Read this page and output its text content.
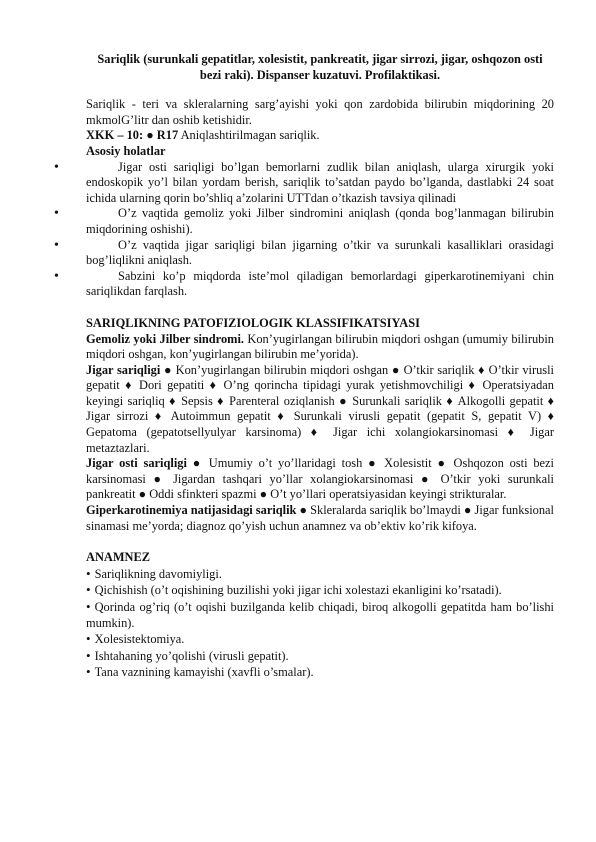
Sariqlik (surunkali gepatitlar, xolesistit, pankreatit, jigar sirrozi, jigar, oshqozon osti bezi raki). Dispanser kuzatuvi. Profilaktikasi.

Sariqlik - teri va skleralarning sarg’ayishi yoki qon zardobida bilirubin miqdorining 20 mkmolG’litr dan oshib ketishidir.

XKK – 10: ● R17 Aniqlashtirilmagan sariqlik.

Asosiy holatlar

• Jigar osti sariqligi bo’lgan bemorlarni zudlik bilan aniqlash, ularga xirurgik yoki endoskopik yo’l bilan yordam berish, sariqlik to’satdan paydo bo’lganda, dastlabki 24 soat ichida ularning qorin bo’shliq a’zolarini UTTdan o’tkazish tavsiya qilinadi

• O’z vaqtida gemoliz yoki Jilber sindromini aniqlash (qonda bog’lanmagan bilirubin miqdorining oshishi).

• O’z vaqtida jigar sariqligi bilan jigarning o’tkir va surunkali kasalliklari orasidagi bog’liqlikni aniqlash.

• Sabzini ko’p miqdorda iste’mol qiladigan bemorlardagi giperkarotinemiyani chin sariqlikdan farqlash.

SARIQLIKNING PATOFIZIOLOGIK KLASSIFIKATSIYASI

Gemoliz yoki Jilber sindromi. Kon’yugirlangan bilirubin miqdori oshgan (umumiy bilirubin miqdori oshgan, kon’yugirlangan bilirubin me’yorida).

Jigar sariqligi ● Kon’yugirlangan bilirubin miqdori oshgan ● O’tkir sariqlik ♦ O’tkir virusli gepatit ♦ Dori gepatiti ♦ O’ng qorincha tipidagi yurak yetishmovchiligi ♦ Operatsiyadan keyingi sariqliq ♦ Sepsis ♦ Parenteral oziqlanish ● Surunkali sariqlik ♦ Alkogolli gepatit ♦ Jigar sirrozi ♦ Autoimmun gepatit ♦ Surunkali virusli gepatit (gepatit S, gepatit V) ♦ Gepatoma (gepatotsellyulyar karsinoma) ♦ Jigar ichi xolangiokarsinomasi ♦ Jigar metaztazlari.

Jigar osti sariqligi ● Umumiy o’t yo’llaridagi tosh ● Xolesistit ● Oshqozon osti bezi karsinomasi ● Jigardan tashqari yo’llar xolangiokarsinomasi ● O’tkir yoki surunkali pankreatit ● Oddi sfinkteri spazmi ● O’t yo’llari operatsiyasidan keyingi strikturalar.

Giperkarotinemiya natijasidagi sariqlik ● Skleralarda sariqlik bo’lmaydi ● Jigar funksional sinamasi me’yorda; diagnoz qo’yish uchun anamnez va ob’ektiv ko’rik kifoya.

ANAMNEZ

• Sariqlikning davomiyligi.

• Qichishish (o’t oqishining buzilishi yoki jigar ichi xolestazi ekanligini ko’rsatadi).

• Qorinda og’riq (o’t oqishi buzilganda kelib chiqadi, biroq alkogolli gepatitda ham bo’lishi mumkin).

• Xolesistektomiya.

• Ishtahaning yo’qolishi (virusli gepatit).

• Tana vaznining kamayishi (xavfli o’smalar).
